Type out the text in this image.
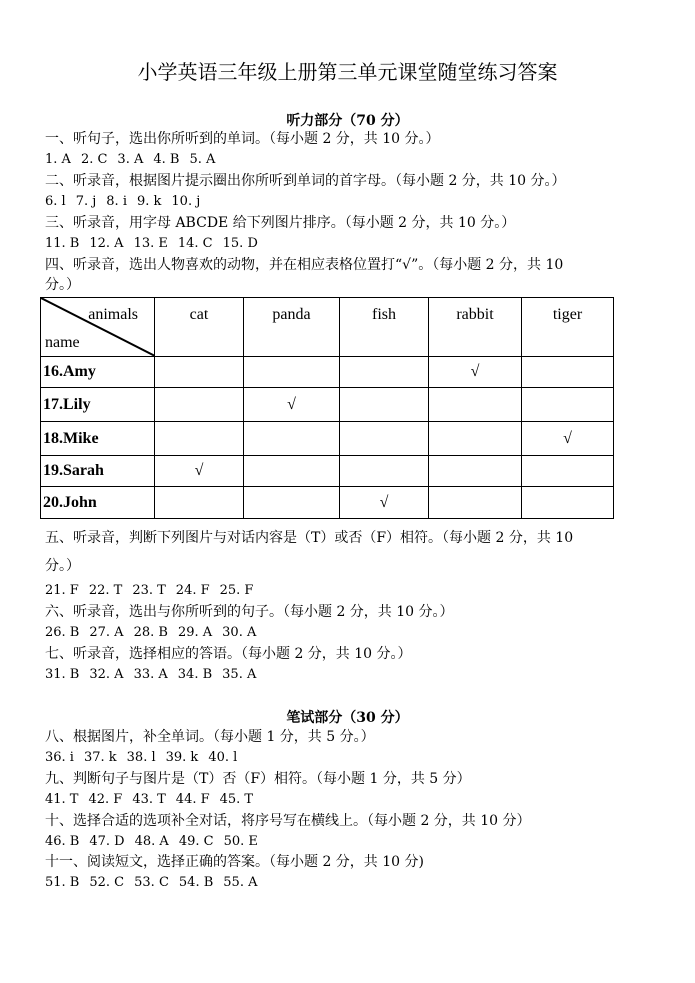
小学英语三年级上册第三单元课堂随堂练习答案
听力部分（70 分）
一、听句子，选出你所听到的单词。（每小题 2 分，共 10 分。）
1. A 2. C 3. A 4. B 5. A
二、听录音，根据图片提示圈出你所听到单词的首字母。（每小题 2 分，共 10 分。）
6. l 7. j 8. i 9. k 10. j
三、听录音，用字母 ABCDE 给下列图片排序。（每小题 2 分，共 10 分。）
11. B 12. A 13. E 14. C 15. D
四、听录音，选出人物喜欢的动物，并在相应表格位置打“√”。（每小题 2 分，共 10
分。）
animals
name	cat	panda	fish	rabbit	tiger

16.Amy				√	
17.Lily		√			
18.Mike					√
19.Sarah	√				
20.John			√		
五、听录音，判断下列图片与对话内容是（T）或否（F）相符。（每小题 2 分，共 10
分。）
21. F 22. T 23. T 24. F 25. F
六、听录音，选出与你所听到的句子。（每小题 2 分，共 10 分。）
26. B 27. A 28. B 29. A 30. A
七、听录音，选择相应的答语。（每小题 2 分，共 10 分。）
31. B 32. A 33. A 34. B 35. A
笔试部分（30 分）
八、根据图片，补全单词。（每小题 1 分，共 5 分。）
36. i 37. k 38. l 39. k 40. l
九、判断句子与图片是（T）否（F）相符。（每小题 1 分，共 5 分）
41. T 42. F 43. T 44. F 45. T
十、选择合适的选项补全对话，将序号写在横线上。（每小题 2 分，共 10 分）
46. B 47. D 48. A 49. C 50. E
十一、阅读短文，选择正确的答案。（每小题 2 分，共 10 分)
51. B 52. C 53. C 54. B 55. A
